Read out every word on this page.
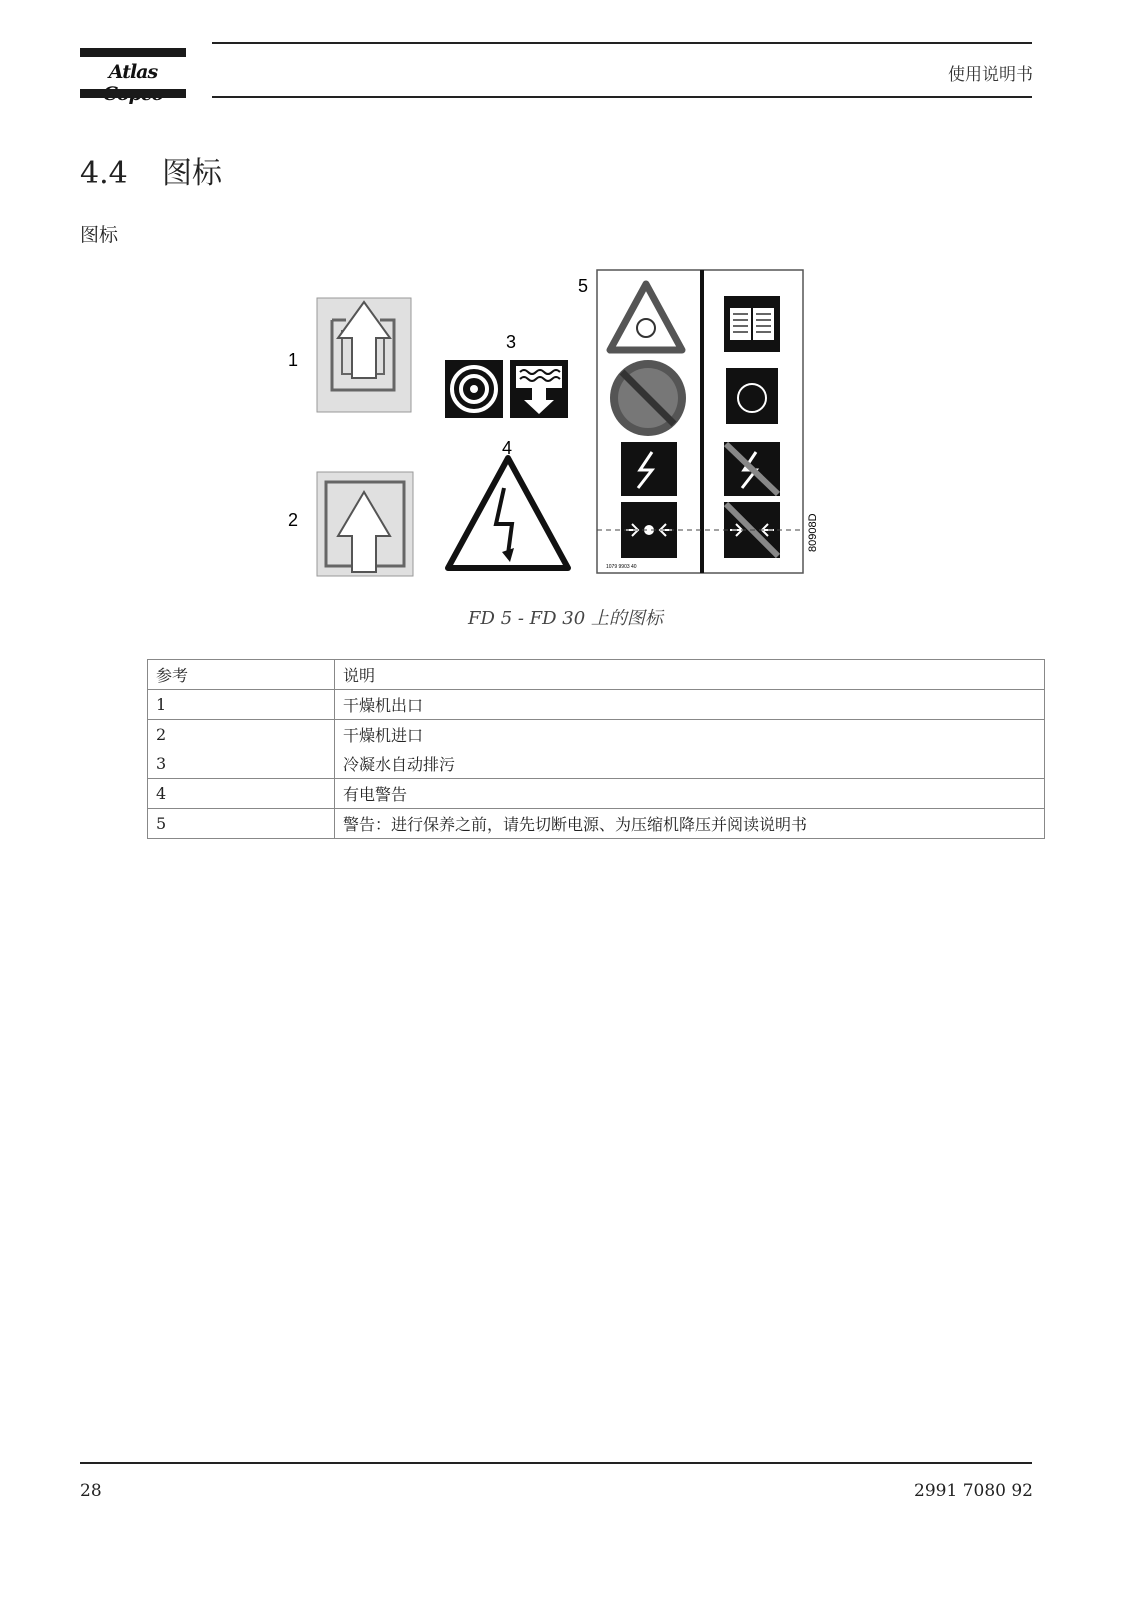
Atlas	使用说明书
4.4 图标
图标
1
2
3
4
5
1079 9903 40
80908D
FD 5 - FD 30 上的图标
参考	说明
1	干燥机出口
2	干燥机进口
3	冷凝水自动排污
4	有电警告
5	警告：进行保养之前，请先切断电源、为压缩机降压并阅读说明书
28	2991 7080 92
